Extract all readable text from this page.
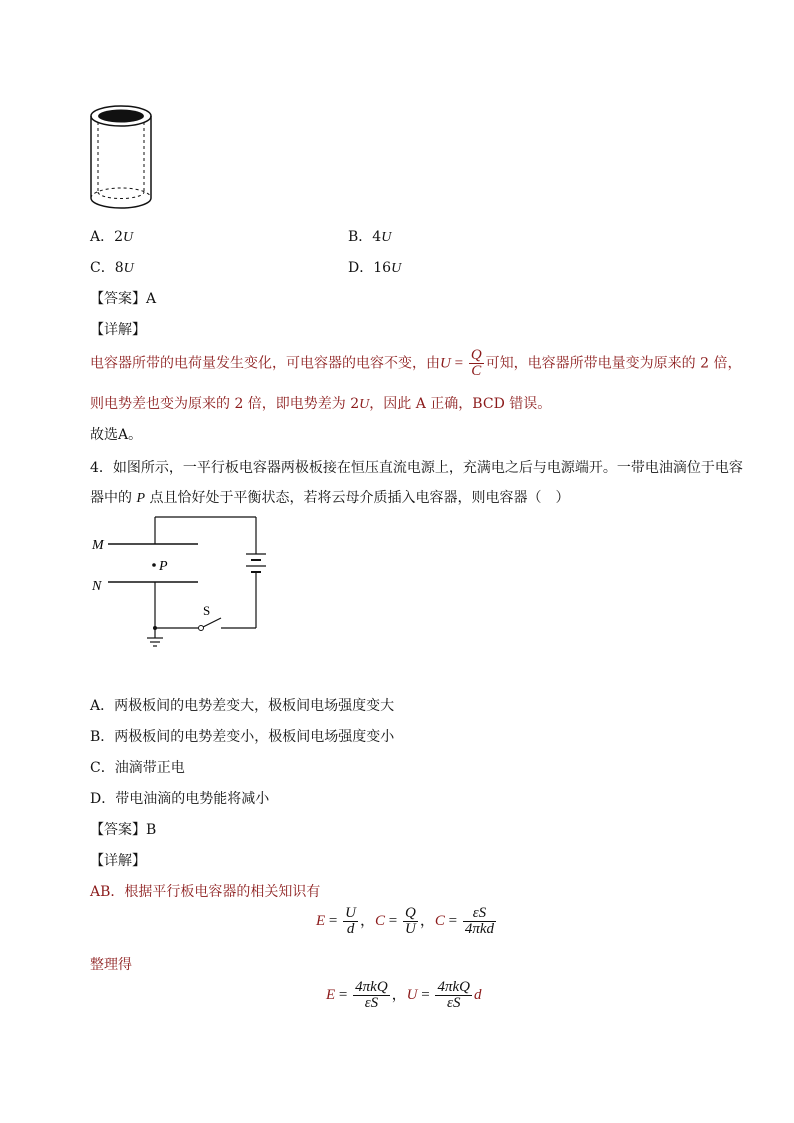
A．2U	B．4U
C．8U	D．16U
【答案】A
【详解】
电容器所带的电荷量发生变化，可电容器的电容不变，由$U = \frac{Q}{C}$ 可知，电容器所带电量变为原来的 2 倍，
则电势差也变为原来的 2 倍，即电势差为 2U，因此 A 正确，BCD 错误。
故选A。
4．如图所示，一平行板电容器两极板接在恒压直流电源上，充满电之后与电源端开。一带电油滴位于电容
器中的 P 点且恰好处于平衡状态，若将云母介质插入电容器，则电容器（　）
M
N
P
S
A．两极板间的电势差变大，极板间电场强度变大
B．两极板间的电势差变小，极板间电场强度变小
C．油滴带正电
D．带电油滴的电势能将减小
【答案】B
【详解】
AB．根据平行板电容器的相关知识有
$E = \frac{U}{d}$ ，$C = \frac{Q}{U}$ ，$C = \frac{\varepsilon S}{\text{4πkd}}$
整理得
$E = \frac{\text{4πkQ}}{\varepsilon S}$ ，$U = \frac{\text{4πkQ}}{\varepsilon S}$ d
